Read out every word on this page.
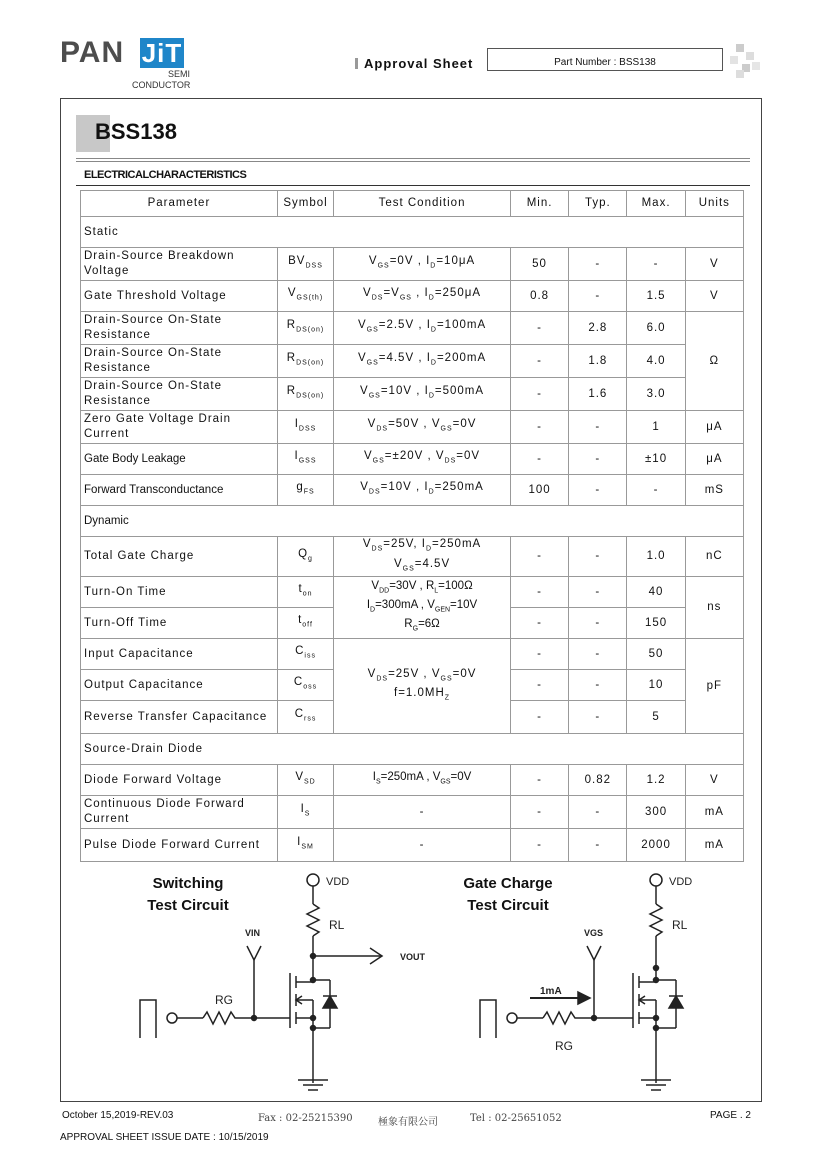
PAN JiT
SEMI
CONDUCTOR
Approval Sheet	Part Number : BSS138
BSS138
ELECTRICALCHARACTERISTICS
Parameter	Symbol	Test Condition	Min.	Typ.	Max.	Units
Static						
Drain-Source Breakdown Voltage	$BV_{DSS}$	$V_{GS}=0V$ , $I_D=10\mu A$	50	-	-	V
Gate Threshold Voltage	$V_{GS(th)}$	$V_{DS}=V_{GS}$ , $I_D=250\mu A$	0.8	-	1.5	V
Drain-Source On-State Resistance	$R_{DS(on)}$	$V_{GS}=2.5V$ , $I_D=100mA$	-	2.8	6.0	Ω
Drain-Source On-State Resistance	$R_{DS(on)}$	$V_{GS}=4.5V$ , $I_D=200mA$	-	1.8	4.0	
Drain-Source On-State Resistance	$R_{DS(on)}$	$V_{GS}=10V$ , $I_D=500mA$	-	1.6	3.0	
Zero Gate Voltage Drain Current	$I_{DSS}$	$V_{DS}=50V$ , $V_{GS}=0V$	-	-	1	μA
Gate Body Leakage	$I_{GSS}$	$V_{GS}=\pm 20V$ , $V_{DS}=0V$	-	-	±10	μA
Forward Transconductance	$g_{FS}$	$V_{DS}=10V$ , $I_D=250mA$	100	-	-	mS
Dynamic						
Total Gate Charge	$Q_g$	$V_{DS}=25V$, $I_D=250mA$
$V_{GS}=4.5V$	-	-	1.0	nC
Turn-On Time	$t_{on}$	$V_{DD}=30V$ , $R_L=100\Omega$
$I_D=300mA$ , $V_{GEN}=10V$
$R_G=6\Omega$	-	-	40	ns
Turn-Off Time	$t_{off}$		-	-	150	
Input Capacitance	$C_{iss}$	$V_{DS}=25V$ , $V_{GS}=0V$
$f=1.0MH_Z$	-	-	50	pF
Output Capacitance	$C_{oss}$		-	-	10	
Reverse Transfer Capacitance	$C_{rss}$		-	-	5	
Source-Drain Diode						
Diode Forward Voltage	$V_{SD}$	$I_S=250mA$ , $V_{GS}=0V$	-	0.82	1.2	V
Continuous Diode Forward Current	$I_S$	-	-	-	300	mA
Pulse Diode Forward Current	$I_{SM}$	-	-	-	2000	mA
Switching
Test Circuit
Gate Charge
Test Circuit
VDD
RL
VOUT
RG
VIN
VDD
RL
RG
VGS
1mA
October 15,2019-REV.03	Fax : 02-25215390	極象有限公司	Tel : 02-25651052	PAGE . 2
APPROVAL SHEET ISSUE DATE : 10/15/2019
